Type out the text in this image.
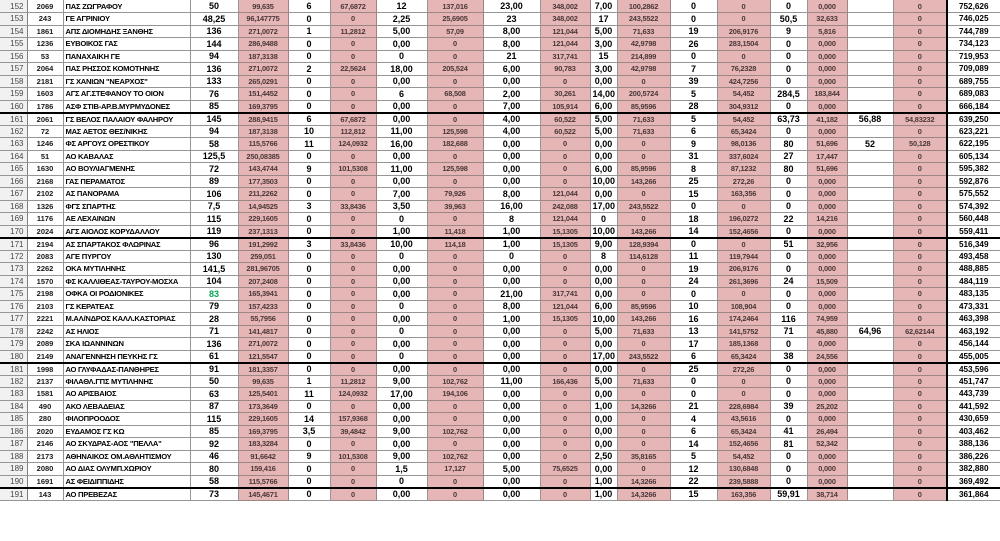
152	2069	ΠΑΣ ΖΩΓΡΑΦΟΥ	50	99,635	6	67,6872	12	137,016	23,00	348,002	7,00	100,2862	0	0	0	0,000		0	752,626
153	243	ΓΕ ΑΓΡΙΝΙΟΥ	48,25	96,147775	0	0	2,25	25,6905	23	348,002	17	243,5522	0	0	50,5	32,633		0	746,025
154	1861	ΑΠΣ ΔΙΟΜΗΔΗΣ ΞΑΝΘΗΣ	136	271,0072	1	11,2812	5,00	57,09	8,00	121,044	5,00	71,633	19	206,9176	9	5,816		0	744,789
155	1236	ΕΥΒΟΙΚΟΣ ΓΑΣ	144	286,9488	0	0	0,00	0	8,00	121,044	3,00	42,9798	26	283,1504	0	0,000		0	734,123
156	53	ΠΑΝΑΧΑΙΚΗ ΓΕ	94	187,3138	0	0	0	0	21	317,741	15	214,899	0	0	0	0,000		0	719,953
157	2064	ΠΑΣ ΡΗΣΣΟΣ ΚΟΜΟΤΗΝΗΣ	136	271,0072	2	22,5624	18,00	205,524	6,00	90,783	3,00	42,9798	7	76,2328	0	0,000		0	709,089
158	2181	ΓΣ ΧΑΝΙΩΝ "ΝΕΑΡΧΟΣ"	133	265,0291	0	0	0,00	0	0,00	0	0,00	0	39	424,7256	0	0,000		0	689,755
159	1603	ΑΓΣ ΑΓ.ΣΤΕΦΑΝΟΥ ΤΟ ΟΙΟΝ	76	151,4452	0	0	6	68,508	2,00	30,261	14,00	200,5724	5	54,452	284,5	183,844		0	689,083
160	1786	ΑΣΦ ΣΤΙΒ-ΑΡ.Β.ΜΥΡΜΥΔΟΝΕΣ	85	169,3795	0	0	0,00	0	7,00	105,914	6,00	85,9596	28	304,9312	0	0,000		0	666,184
161	2061	ΓΣ ΒΕΛΟΣ ΠΑΛΑΙΟΥ ΦΑΛΗΡΟΥ	145	288,9415	6	67,6872	0,00	0	4,00	60,522	5,00	71,633	5	54,452	63,73	41,182	56,88	54,83232	639,250
162	72	ΜΑΣ ΑΕΤΟΣ ΘΕΣ/ΝΙΚΗΣ	94	187,3138	10	112,812	11,00	125,598	4,00	60,522	5,00	71,633	6	65,3424	0	0,000		0	623,221
163	1246	ΦΣ ΑΡΓΟΥΣ ΟΡΕΣΤΙΚΟΥ	58	115,5766	11	124,0932	16,00	182,688	0,00	0	0,00	0	9	98,0136	80	51,696	52	50,128	622,195
164	51	ΑΟ ΚΑΒΑΛΑΣ	125,5	250,08385	0	0	0,00	0	0,00	0	0,00	0	31	337,6024	27	17,447		0	605,134
165	1630	ΑΟ ΒΟΥΛΙΑΓΜΕΝΗΣ	72	143,4744	9	101,5308	11,00	125,598	0,00	0	6,00	85,9596	8	87,1232	80	51,696		0	595,382
166	2168	ΓΑΣ ΠΕΡΑΜΑΤΟΣ	89	177,3503	0	0	0,00	0	0,00	0	10,00	143,266	25	272,26	0	0,000		0	592,876
167	2102	ΑΣ ΠΑΝΟΡΑΜΑ	106	211,2262	0	0	7,00	79,926	8,00	121,044	0,00	0	15	163,356	0	0,000		0	575,552
168	1326	ΦΓΣ ΣΠΑΡΤΗΣ	7,5	14,94525	3	33,8436	3,50	39,963	16,00	242,088	17,00	243,5522	0	0	0	0,000		0	574,392
169	1176	ΑΕ ΛΕΧΑΙΝΩΝ	115	229,1605	0	0	0	0	8	121,044	0	0	18	196,0272	22	14,216		0	560,448
170	2024	ΑΓΣ ΑΙΟΛΟΣ ΚΟΡΥΔΑΛΛΟΥ	119	237,1313	0	0	1,00	11,418	1,00	15,1305	10,00	143,266	14	152,4656	0	0,000		0	559,411
171	2194	ΑΣ ΣΠΑΡΤΑΚΟΣ ΦΛΩΡΙΝΑΣ	96	191,2992	3	33,8436	10,00	114,18	1,00	15,1305	9,00	128,9394	0	0	51	32,956		0	516,349
172	2083	ΑΓΕ ΠΥΡΓΟΥ	130	259,051	0	0	0	0	0	0	8	114,6128	11	119,7944	0	0,000		0	493,458
173	2262	ΟΚΑ ΜΥΤΙΛΗΝΗΣ	141,5	281,96705	0	0	0,00	0	0,00	0	0,00	0	19	206,9176	0	0,000		0	488,885
174	1570	ΦΣ ΚΑΛΛΙΘΕΑΣ-ΤΑΥΡΟΥ-ΜΟΣΧΑ	104	207,2408	0	0	0,00	0	0,00	0	0,00	0	24	261,3696	24	15,509		0	484,119
175	2198	ΟΦΚΑ ΟΙ ΡΟΔΙΟΝΙΚΕΣ	83	165,3941	0	0	0,00	0	21,00	317,741	0,00	0	0	0	0	0,000		0	483,135
176	2103	ΓΣ ΚΕΡΑΤΕΑΣ	79	157,4233	0	0	0	0	8,00	121,044	6,00	85,9596	10	108,904	0	0,000		0	473,331
177	2221	Μ.ΑΛ/ΝΔΡΟΣ ΚΑΛΛ.ΚΑΣΤΟΡΙΑΣ	28	55,7956	0	0	0,00	0	1,00	15,1305	10,00	143,266	16	174,2464	116	74,959		0	463,398
178	2242	ΑΣ ΗΛΙΟΣ	71	141,4817	0	0	0	0	0,00	0	5,00	71,633	13	141,5752	71	45,880	64,96	62,62144	463,192
179	2089	ΣΚΑ ΙΩΑΝΝΙΝΩΝ	136	271,0072	0	0	0,00	0	0,00	0	0,00	0	17	185,1368	0	0,000		0	456,144
180	2149	ΑΝΑΓΕΝΝΗΣΗ ΠΕΥΚΗΣ ΓΣ	61	121,5547	0	0	0	0	0,00	0	17,00	243,5522	6	65,3424	38	24,556		0	455,005
181	1998	ΑΟ ΓΛΥΦΑΔΑΣ-ΠΑΝΘΗΡΕΣ	91	181,3357	0	0	0,00	0	0,00	0	0,00	0	25	272,26	0	0,000		0	453,596
182	2137	ΦΙΛΑΘΛ.ΓΠΣ ΜΥΤΙΛΗΝΗΣ	50	99,635	1	11,2812	9,00	102,762	11,00	166,436	5,00	71,633	0	0	0	0,000		0	451,747
183	1581	ΑΟ ΑΡΙΣΒΑΙΟΣ	63	125,5401	11	124,0932	17,00	194,106	0,00	0	0,00	0	0	0	0	0,000		0	443,739
184	490	ΑΚΟ ΛΕΒΑΔΕΙΑΣ	87	173,3649	0	0	0,00	0	0,00	0	1,00	14,3266	21	228,6984	39	25,202		0	441,592
185	280	ΦΙΛΟΠΡΟΟΔΟΣ	115	229,1605	14	157,9368	0,00	0	0,00	0	0,00	0	4	43,5616	0	0,000		0	430,659
186	2020	ΕΥΔΑΜΟΣ ΓΣ ΚΩ	85	169,3795	3,5	39,4842	9,00	102,762	0,00	0	0,00	0	6	65,3424	41	26,494		0	403,462
187	2146	ΑΟ ΣΚΥΔΡΑΣ-ΑΟΣ "ΠΕΛΛΑ"	92	183,3284	0	0	0,00	0	0,00	0	0,00	0	14	152,4656	81	52,342		0	388,136
188	2173	ΑΘΗΝΑΙΚΟΣ ΟΜ.ΑΘΛΗΤΙΣΜΟΥ	46	91,6642	9	101,5308	9,00	102,762	0,00	0	2,50	35,8165	5	54,452	0	0,000		0	386,226
189	2080	ΑΟ ΔΙΑΣ ΟΛΥΜΠ.ΧΩΡΙΟΥ	80	159,416	0	0	1,5	17,127	5,00	75,6525	0,00	0	12	130,6848	0	0,000		0	382,880
190	1691	ΑΣ ΦΕΙΔΙΠΠΙΔΗΣ	58	115,5766	0	0	0	0	0,00	0	1,00	14,3266	22	239,5888	0	0,000		0	369,492
191	143	ΑΟ ΠΡΕΒΕΖΑΣ	73	145,4671	0	0	0,00	0	0,00	0	1,00	14,3266	15	163,356	59,91	38,714		0	361,864
